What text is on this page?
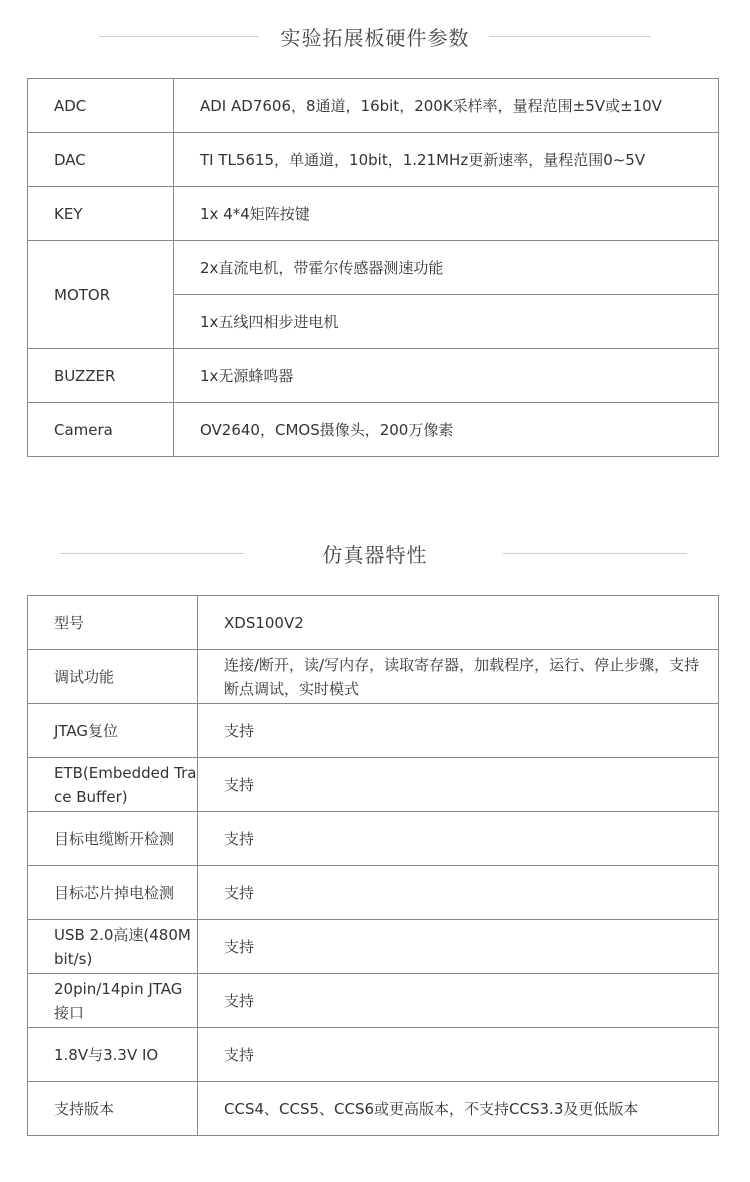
实验拓展板硬件参数
ADC	ADI AD7606，8通道，16bit，200K采样率，量程范围±5V或±10V
DAC	TI TL5615，单通道，10bit，1.21MHz更新速率，量程范围0~5V
KEY	1x 4*4矩阵按键
MOTOR	2x直流电机，带霍尔传感器测速功能
	1x五线四相步进电机
BUZZER	1x无源蜂鸣器
Camera	OV2640，CMOS摄像头，200万像素
仿真器特性
型号	XDS100V2
调试功能	连接/断开，读/写内存，读取寄存器，加载程序，运行、停止步骤，支持断点调试，实时模式
JTAG复位	支持
ETB(Embedded Trace Buffer)	支持
目标电缆断开检测	支持
目标芯片掉电检测	支持
USB 2.0高速(480Mbit/s)	支持
20pin/14pin JTAG接口	支持
1.8V与3.3V IO	支持
支持版本	CCS4、CCS5、CCS6或更高版本，不支持CCS3.3及更低版本
